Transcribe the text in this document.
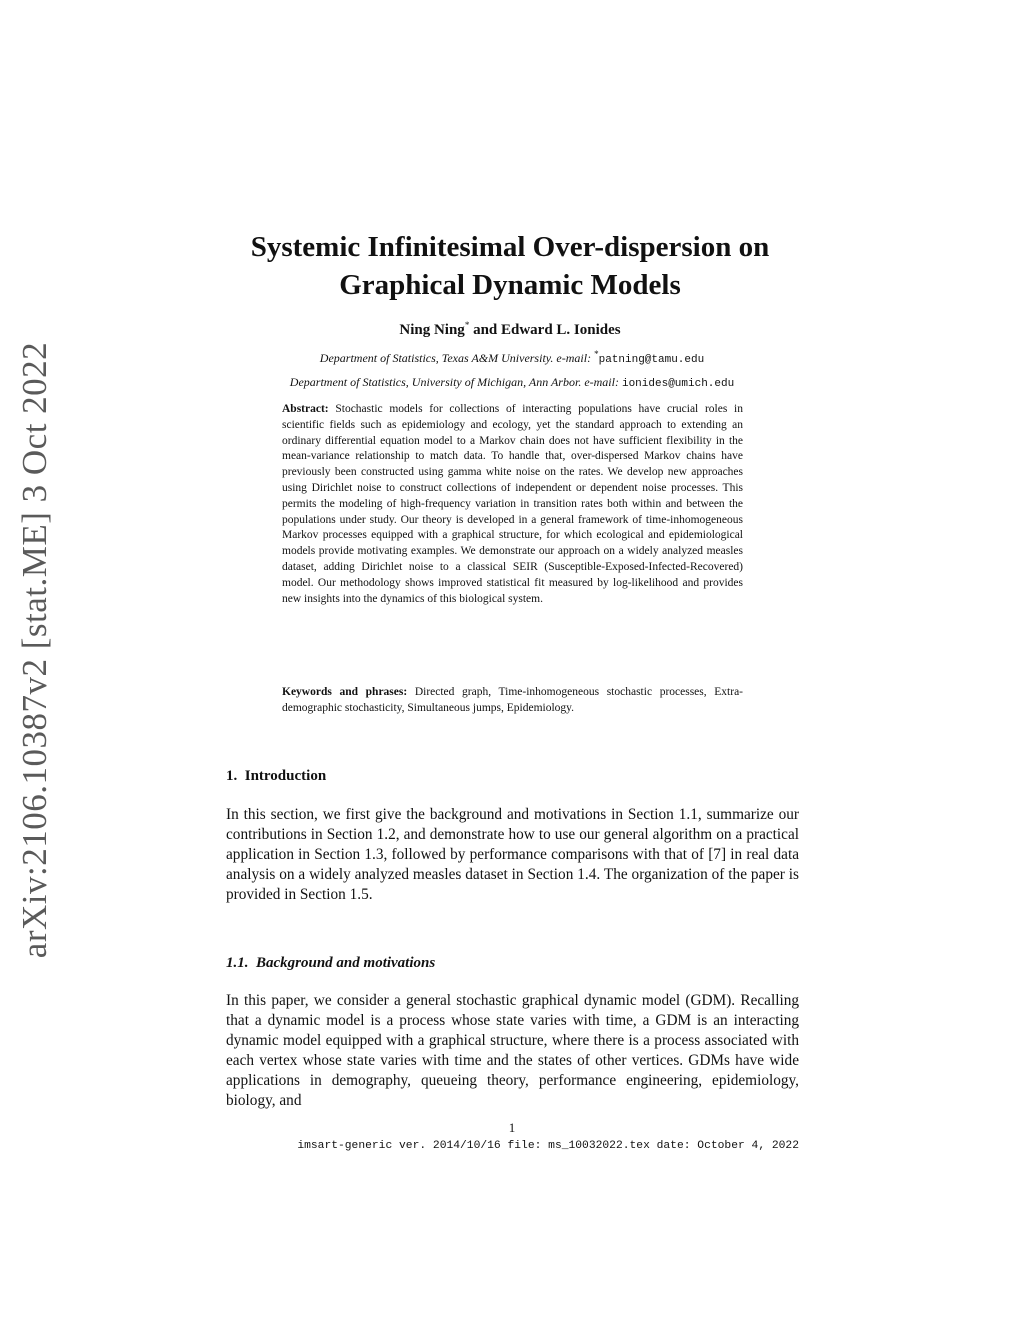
arXiv:2106.10387v2 [stat.ME] 3 Oct 2022
Systemic Infinitesimal Over-dispersion on Graphical Dynamic Models
Ning Ning* and Edward L. Ionides
Department of Statistics, Texas A&M University. e-mail: *patning@tamu.edu
Department of Statistics, University of Michigan, Ann Arbor. e-mail: ionides@umich.edu
Abstract: Stochastic models for collections of interacting populations have crucial roles in scientific fields such as epidemiology and ecology, yet the standard approach to extending an ordinary differential equation model to a Markov chain does not have sufficient flexibility in the mean-variance relationship to match data. To handle that, over-dispersed Markov chains have previously been constructed using gamma white noise on the rates. We develop new approaches using Dirichlet noise to construct collections of independent or dependent noise processes. This permits the modeling of high-frequency variation in transition rates both within and between the populations under study. Our theory is developed in a general framework of time-inhomogeneous Markov processes equipped with a graphical structure, for which ecological and epidemiological models provide motivating examples. We demonstrate our approach on a widely analyzed measles dataset, adding Dirichlet noise to a classical SEIR (Susceptible-Exposed-Infected-Recovered) model. Our methodology shows improved statistical fit measured by log-likelihood and provides new insights into the dynamics of this biological system.
Keywords and phrases: Directed graph, Time-inhomogeneous stochastic processes, Extra-demographic stochasticity, Simultaneous jumps, Epidemiology.
1.  Introduction

In this section, we first give the background and motivations in Section 1.1, summarize our contributions in Section 1.2, and demonstrate how to use our general algorithm on a practical application in Section 1.3, followed by performance comparisons with that of [7] in real data analysis on a widely analyzed measles dataset in Section 1.4. The organization of the paper is provided in Section 1.5.

1.1.  Background and motivations

In this paper, we consider a general stochastic graphical dynamic model (GDM). Recalling that a dynamic model is a process whose state varies with time, a GDM is an interacting dynamic model equipped with a graphical structure, where there is a process associated with each vertex whose state varies with time and the states of other vertices. GDMs have wide applications in demography, queueing theory, performance engineering, epidemiology, biology, and

1
imsart-generic ver. 2014/10/16 file: ms_10032022.tex date: October 4, 2022
